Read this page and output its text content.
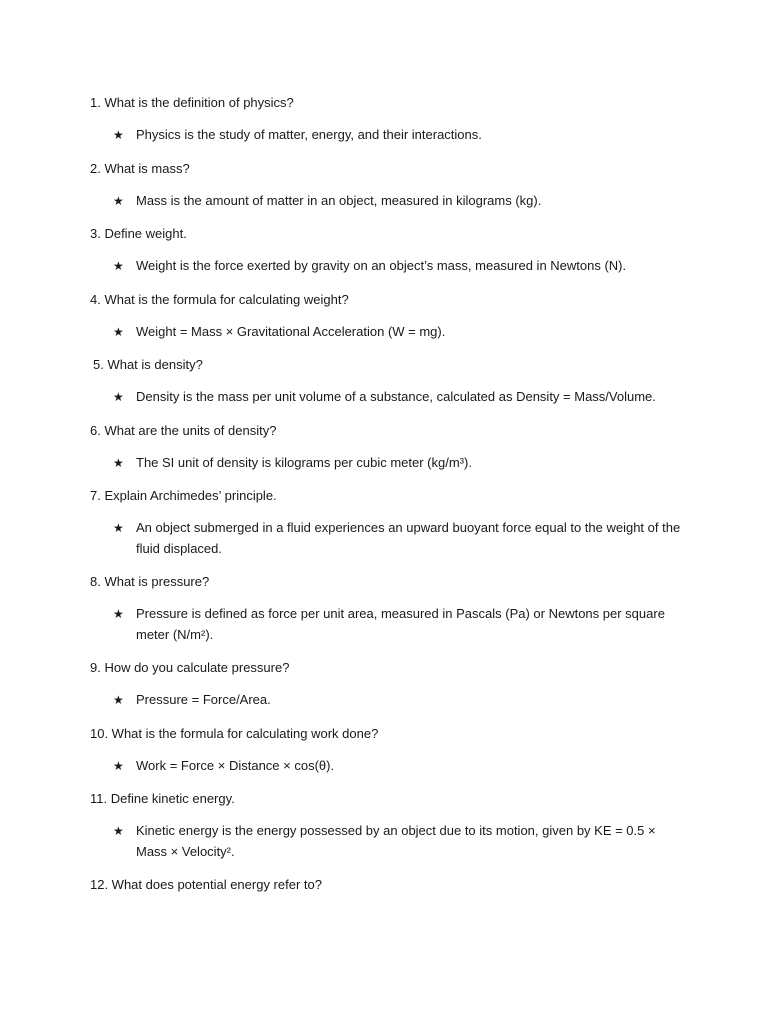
1. What is the definition of physics?

★ Physics is the study of matter, energy, and their interactions.

2. What is mass?

★ Mass is the amount of matter in an object, measured in kilograms (kg).

3. Define weight.

★ Weight is the force exerted by gravity on an object’s mass, measured in Newtons (N).

4. What is the formula for calculating weight?

★ Weight = Mass × Gravitational Acceleration (W = mg).

5. What is density?

★ Density is the mass per unit volume of a substance, calculated as Density = Mass/Volume.

6. What are the units of density?

★ The SI unit of density is kilograms per cubic meter (kg/m³).

7. Explain Archimedes’ principle.

★ An object submerged in a fluid experiences an upward buoyant force equal to the weight of the fluid displaced.

8. What is pressure?

★ Pressure is defined as force per unit area, measured in Pascals (Pa) or Newtons per square meter (N/m²).

9. How do you calculate pressure?

★ Pressure = Force/Area.

10. What is the formula for calculating work done?

★ Work = Force × Distance × cos(θ).

11. Define kinetic energy.

★ Kinetic energy is the energy possessed by an object due to its motion, given by KE = 0.5 × Mass × Velocity².

12. What does potential energy refer to?
